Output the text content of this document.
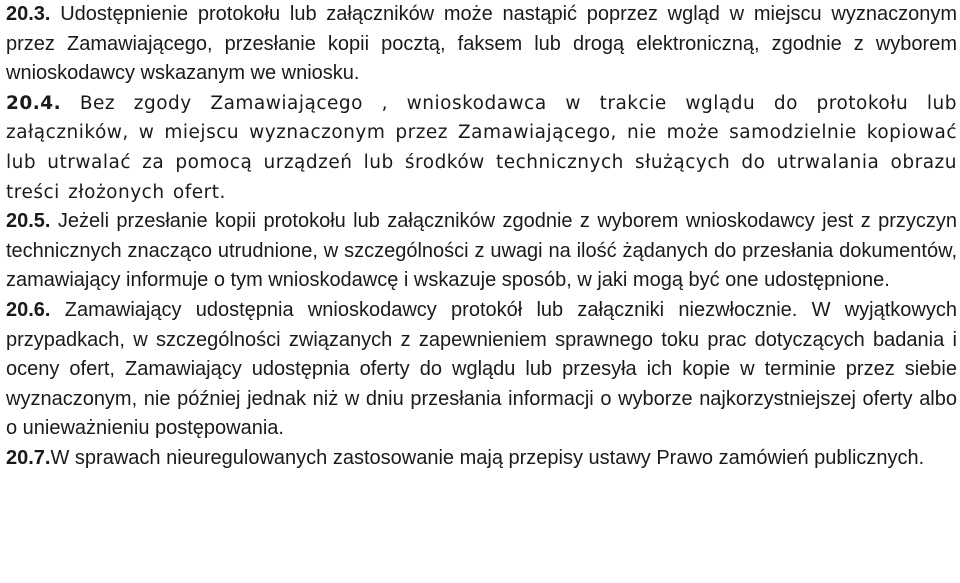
20.3. Udostępnienie protokołu lub załączników może nastąpić poprzez wgląd w miejscu wyznaczonym przez Zamawiającego, przesłanie kopii pocztą, faksem lub drogą elektroniczną, zgodnie z wyborem wnioskodawcy wskazanym we wniosku.

20.4. Bez zgody Zamawiającego , wnioskodawca w trakcie wglądu do protokołu lub załączników, w miejscu wyznaczonym przez Zamawiającego, nie może samodzielnie kopiować lub utrwalać za pomocą urządzeń lub środków technicznych służących do utrwalania obrazu treści złożonych ofert.

20.5. Jeżeli przesłanie kopii protokołu lub załączników zgodnie z wyborem wnioskodawcy jest z przyczyn technicznych znacząco utrudnione, w szczególności z uwagi na ilość żądanych do przesłania dokumentów, zamawiający informuje o tym wnioskodawcę i wskazuje sposób, w jaki mogą być one udostępnione.

20.6. Zamawiający udostępnia wnioskodawcy protokół lub załączniki niezwłocznie. W wyjątkowych przypadkach, w szczególności związanych z zapewnieniem sprawnego toku prac dotyczących badania i oceny ofert, Zamawiający udostępnia oferty do wglądu lub przesyła ich kopie w terminie przez siebie wyznaczonym, nie później jednak niż w dniu przesłania informacji o wyborze najkorzystniejszej oferty albo o unieważnieniu postępowania.

20.7.W sprawach nieuregulowanych zastosowanie mają przepisy ustawy Prawo zamówień publicznych.
